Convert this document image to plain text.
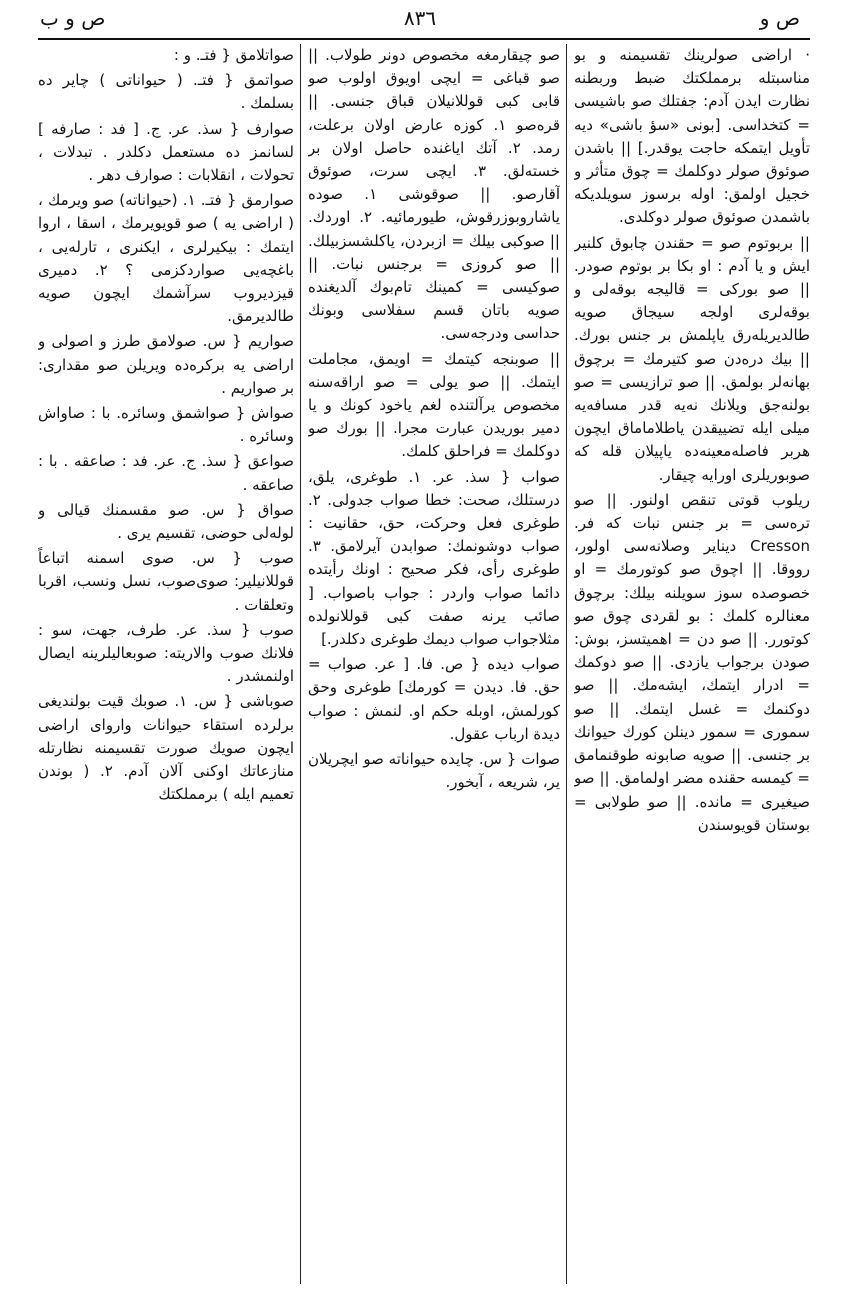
ص و
٨٣٦
ص و ب

· اراضى صولرينك تقسيمنه و بو مناسبتله برمملكتك ضبط وربطنه نظارت ايدن آدم: جفتلك صو باشيسى = كتخداسى. [بونى «سؤ باشى» ديه تأويل ايتمكه حاجت يوقدر.] || باشدن صوئوق صولر دوكلمك = چوق متأثر و خجيل اولمق: اوله برسوز سويلديكه باشمدن صوئوق صولر دوكلدى.

|| بربوتوم صو = حقندن چابوق كلنير ايش و يا آدم : او بكا بر بوتوم صودر. || صو بوركى = قاليجه بوقه‌لى و بوقه‌لرى اولجه سيجاق صويه طالديريلەرق ياپلمش بر جنس بورك. || بيك درەدن صو كتيرمك = برچوق بهانەلر بولمق. || صو ترازيسى = صو بولنەجق ويلانك نەيه قدر مسافەيه ميلى ايله تضييقدن ياطلاماماق ايچون هربر فاصله‌معينەده ياپيلان قله كه صوبوريلرى اورايه چيقار.

ريلوب قوتى تنقص اولنور. || صو ترەسى = بر جنس نبات كه فر. Cresson ديناير وصلانەسى اولور، رووقا. || اچوق صو كوتورمك = او خصوصده سوز سويلنه بيلك: برچوق معنالره كلمك : بو لقردى چوق صو كوتورر. || صو دن = اهميتسز، بوش: صودن برجواب يازدى. || صو دوكمك = ادرار ايتمك، ايشه‌مك. || صو دوكنمك = غسل ايتمك. || صو سمورى = سمور دينلن كورك حيوانك بر جنسى. || صويه صابونه طوقنمامق = كيمسه حقنده مضر اولمامق. || صو صيغيرى = مانده. || صو طولابى = بوستان قويوسندن

صو چيقارمغه مخصوص دونر طولاب. || صو قباغى = ايچى اويوق اولوب صو قابى كبى قوللانيلان قباق جنسى. || قرەصو ١. كوزه عارض اولان برعلت، رمد. ٢. آتك اياغنده حاصل اولان بر خسته‌لق. ٣. ايچى سرت، صوئوق آقارصو. || صوقوشى ١. صودە ياشاروبوزرقوش، طيورمائيه. ٢. اوردك. || صوكبى بيلك = ازبردن، ياكلشسزبيلك. || صو كروزى = برجنس نبات. || صوكيسى = كمينك تام‌بوك آلديغنده صويه باتان قسم سفلاسى وبونك حداسى ودرجه‌سى.

|| صوبنجه كيتمك = اويمق، مجاملت ايتمك. || صو يولى = صو اراقەسنه مخصوص يرآلتنده لغم ياخود كونك و يا دمير بوريدن عبارت مجرا. || بورك صو دوكلمك = فراحلق كلمك.

صواب { سذ. عر. ١. طوغرى، يلق، درستلك، صحت: خطا صواب جدولى. ٢. طوغرى فعل وحركت، حق، حقانيت : صواب دوشونمك: صوابدن آيرلامق. ٣. طوغرى رأى، فكر صحيح : اونك رأيتده دائما صواب واردر : جواب باصواب. [ صائب يرنه صفت كبى قوللانولدە مثلاجواب صواب ديمك طوغرى دكلدر.]

صواب ديده { ص. فا. [ عر. صواب = حق. فا. ديدن = كورمك] طوغرى وحق كورلمش، اوبله حكم او. لنمش : صواب ديدة ارباب عقول.

صوات { س. چايده حيواناته صو ايچريلان ير، شريعه ، آبخور.

صواتلامق { فتـ. و :

صواتمق { فتـ. ( حيواناتى ) چاير ده بسلمك .

صوارف { سذ. عر. ج. [ فد : صارفه ] لسانمز ده مستعمل دكلدر . تبدلات ، تحولات ، انقلابات : صوارف دهر .

صوارمق { فتـ. ١. (حيواناته) صو ويرمك ، ( اراضى يه ) صو قويويرمك ، اسقا ، اروا ايتمك : بيكيرلرى ، ايكنرى ، تارله‌يى ، باغچه‌يى صواردكزمى ؟ ٢. دميرى قيزديروب سرآشمك ايچون صويه طالديرمق.

صواريم { س. صولامق طرز و اصولى و اراضى يه بركرەده ويريلن صو مقدارى: بر صواريم .

صواش { صواشمق وسائرە. با : صاواش وسائرە .

صواعق { سذ. ج. عر. فد : صاعقه . با : صاعقه .

صواق { س. صو مقسمنك قيالى و لوله‌لى حوضى، تقسيم يرى .

صوب { س. صوى اسمنه اتباعاً قوللانيلير: صوى‌صوب، نسل ونسب، اقربا وتعلقات .

صوب { سذ. عر. طرف، جهت، سو : فلانك صوب والاريته: صوبعاليلرينه ايصال اولنمشدر .

صوباشى { س. ١. صوبك قيت بولنديغى برلرده استقاء حيوانات وارواى اراضى ايچون صويك صورت تقسيمنه نظارتله منازعاتك اوكنى آلان آدم. ٢. ( بوندن تعميم ايله ) برمملكتك
